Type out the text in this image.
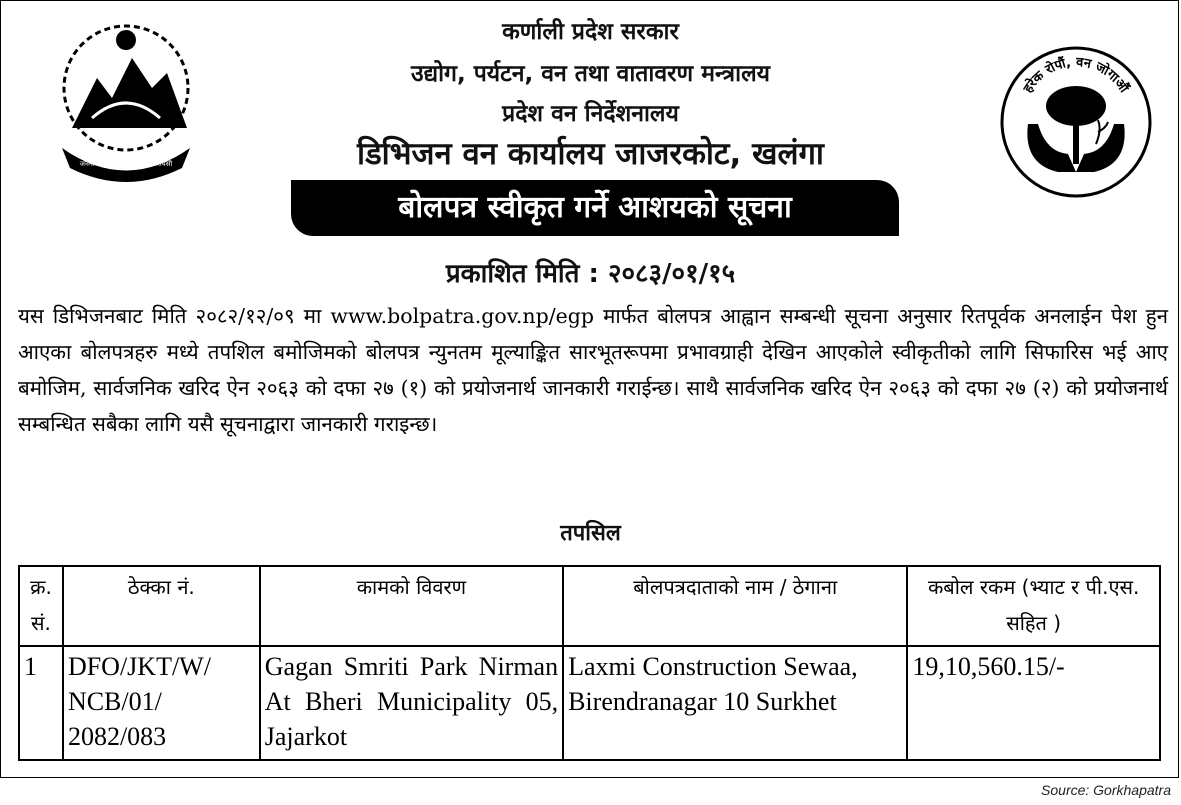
जननी जन्मभूमिश्च स्वर्गादपि गरीयसी
हरेक रोपौं, वन जोगाऔं
कर्णाली प्रदेश सरकार
उद्योग, पर्यटन, वन तथा वातावरण मन्त्रालय
प्रदेश वन निर्देशनालय
डिभिजन वन कार्यालय जाजरकोट, खलंगा
बोलपत्र स्वीकृत गर्ने आशयको सूचना
प्रकाशित मिति : २०८३/०१/१५

यस डिभिजनबाट मिति २०८२/१२/०९ मा www.bolpatra.gov.np/egp मार्फत बोलपत्र आह्वान सम्बन्धी सूचना अनुसार रितपूर्वक अनलाईन पेश हुन आएका बोलपत्रहरु मध्ये तपशिल बमोजिमको बोलपत्र न्युनतम मूल्याङ्कित सारभूतरूपमा प्रभावग्राही देखिन आएकोले स्वीकृतीको लागि सिफारिस भई आए बमोजिम, सार्वजनिक खरिद ऐन २०६३ को दफा २७ (१) को प्रयोजनार्थ जानकारी गराईन्छ। साथै सार्वजनिक खरिद ऐन २०६३ को दफा २७ (२) को प्रयोजनार्थ सम्बन्धित सबैका लागि यसै सूचनाद्वारा जानकारी गराइन्छ।

तपसिल
क्र. सं.	ठेक्का नं.	कामको विवरण	बोलपत्रदाताको नाम / ठेगाना	कबोल रकम (भ्याट र पी.एस. सहित )
1	DFO/JKT/W/ NCB/01/ 2082/083	Gagan Smriti Park Nirman At Bheri Municipality 05, Jajarkot	Laxmi Construction Sewaa, Birendranagar 10 Surkhet	19,10,560.15/-
Source: Gorkhapatra
